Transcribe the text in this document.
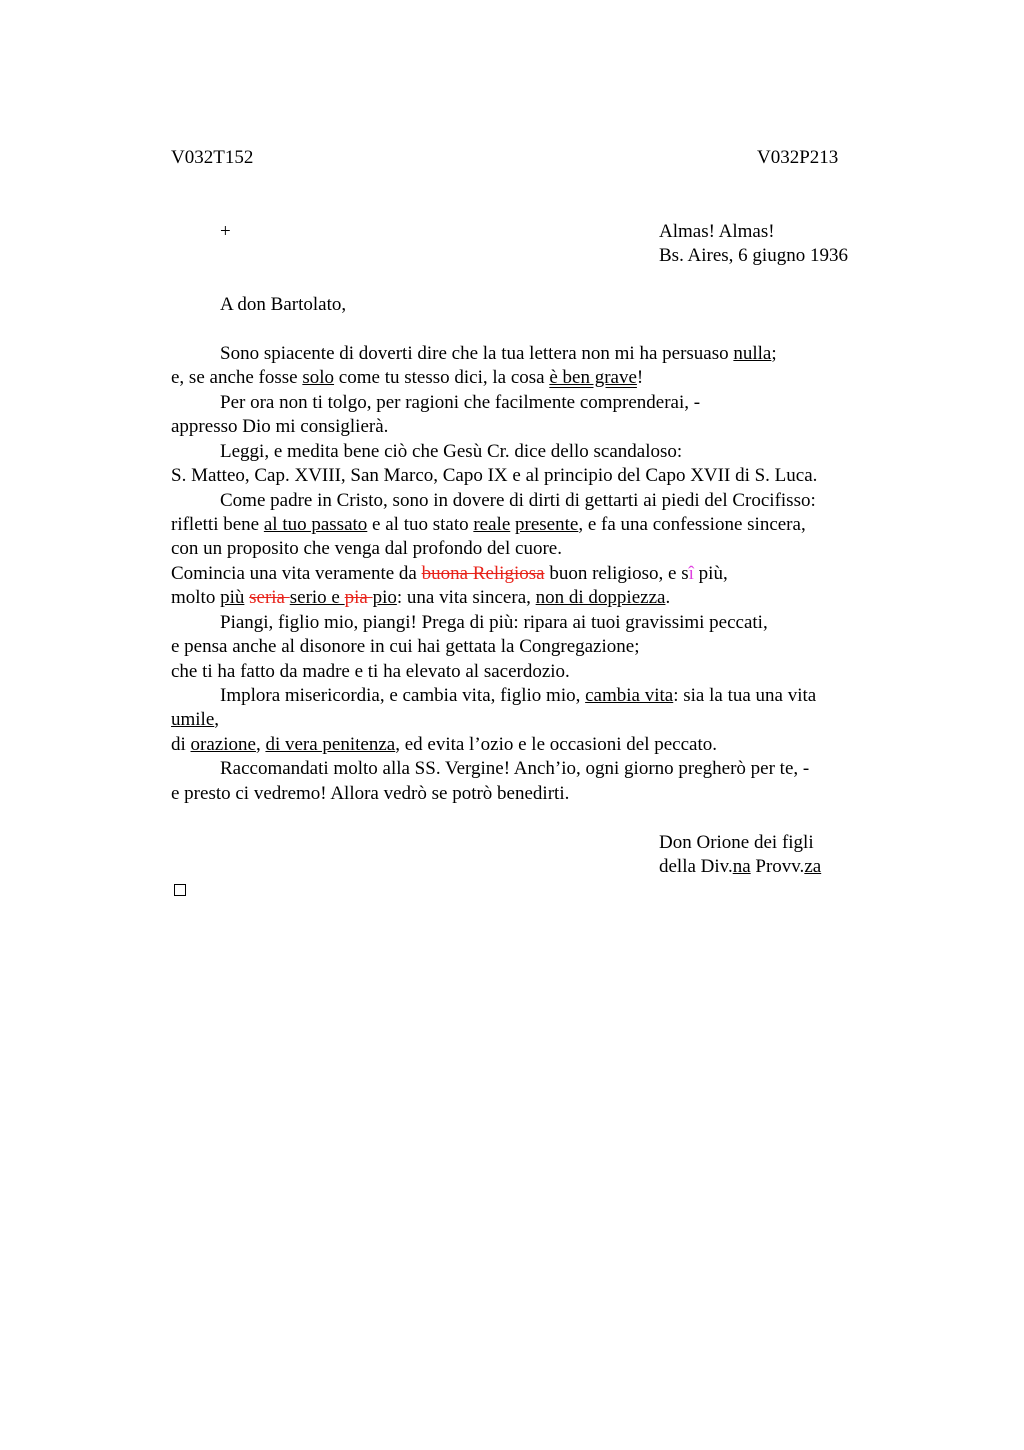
V032T152	V032P213
+	Almas! Almas!
Bs. Aires, 6 giugno 1936
A don Bartolato,
Sono spiacente di doverti dire che la tua lettera non mi ha persuaso nulla;
e, se anche fosse solo come tu stesso dici, la cosa è ben grave!
Per ora non ti tolgo, per ragioni che facilmente comprenderai, -
appresso Dio mi consiglierà.
Leggi, e medita bene ciò che Gesù Cr. dice dello scandaloso:
S. Matteo, Cap. XVIII, San Marco, Capo IX e al principio del Capo XVII di S. Luca.
Come padre in Cristo, sono in dovere di dirti di gettarti ai piedi del Crocifisso:
rifletti bene al tuo passato e al tuo stato reale presente, e fa una confessione sincera,
con un proposito che venga dal profondo del cuore.
Comincia una vita veramente da buona Religiosa buon religioso, e sî più,
molto più seria serio e pia pio: una vita sincera, non di doppiezza.
Piangi, figlio mio, piangi! Prega di più: ripara ai tuoi gravissimi peccati,
e pensa anche al disonore in cui hai gettata la Congregazione;
che ti ha fatto da madre e ti ha elevato al sacerdozio.
Implora misericordia, e cambia vita, figlio mio, cambia vita: sia la tua una vita
umile,
di orazione, di vera penitenza, ed evita l’ozio e le occasioni del peccato.
Raccomandati molto alla SS. Vergine! Anch’io, ogni giorno pregherò per te, -
e presto ci vedremo! Allora vedrò se potrò benedirti.
Don Orione dei figli
della Div.na Provv.za
